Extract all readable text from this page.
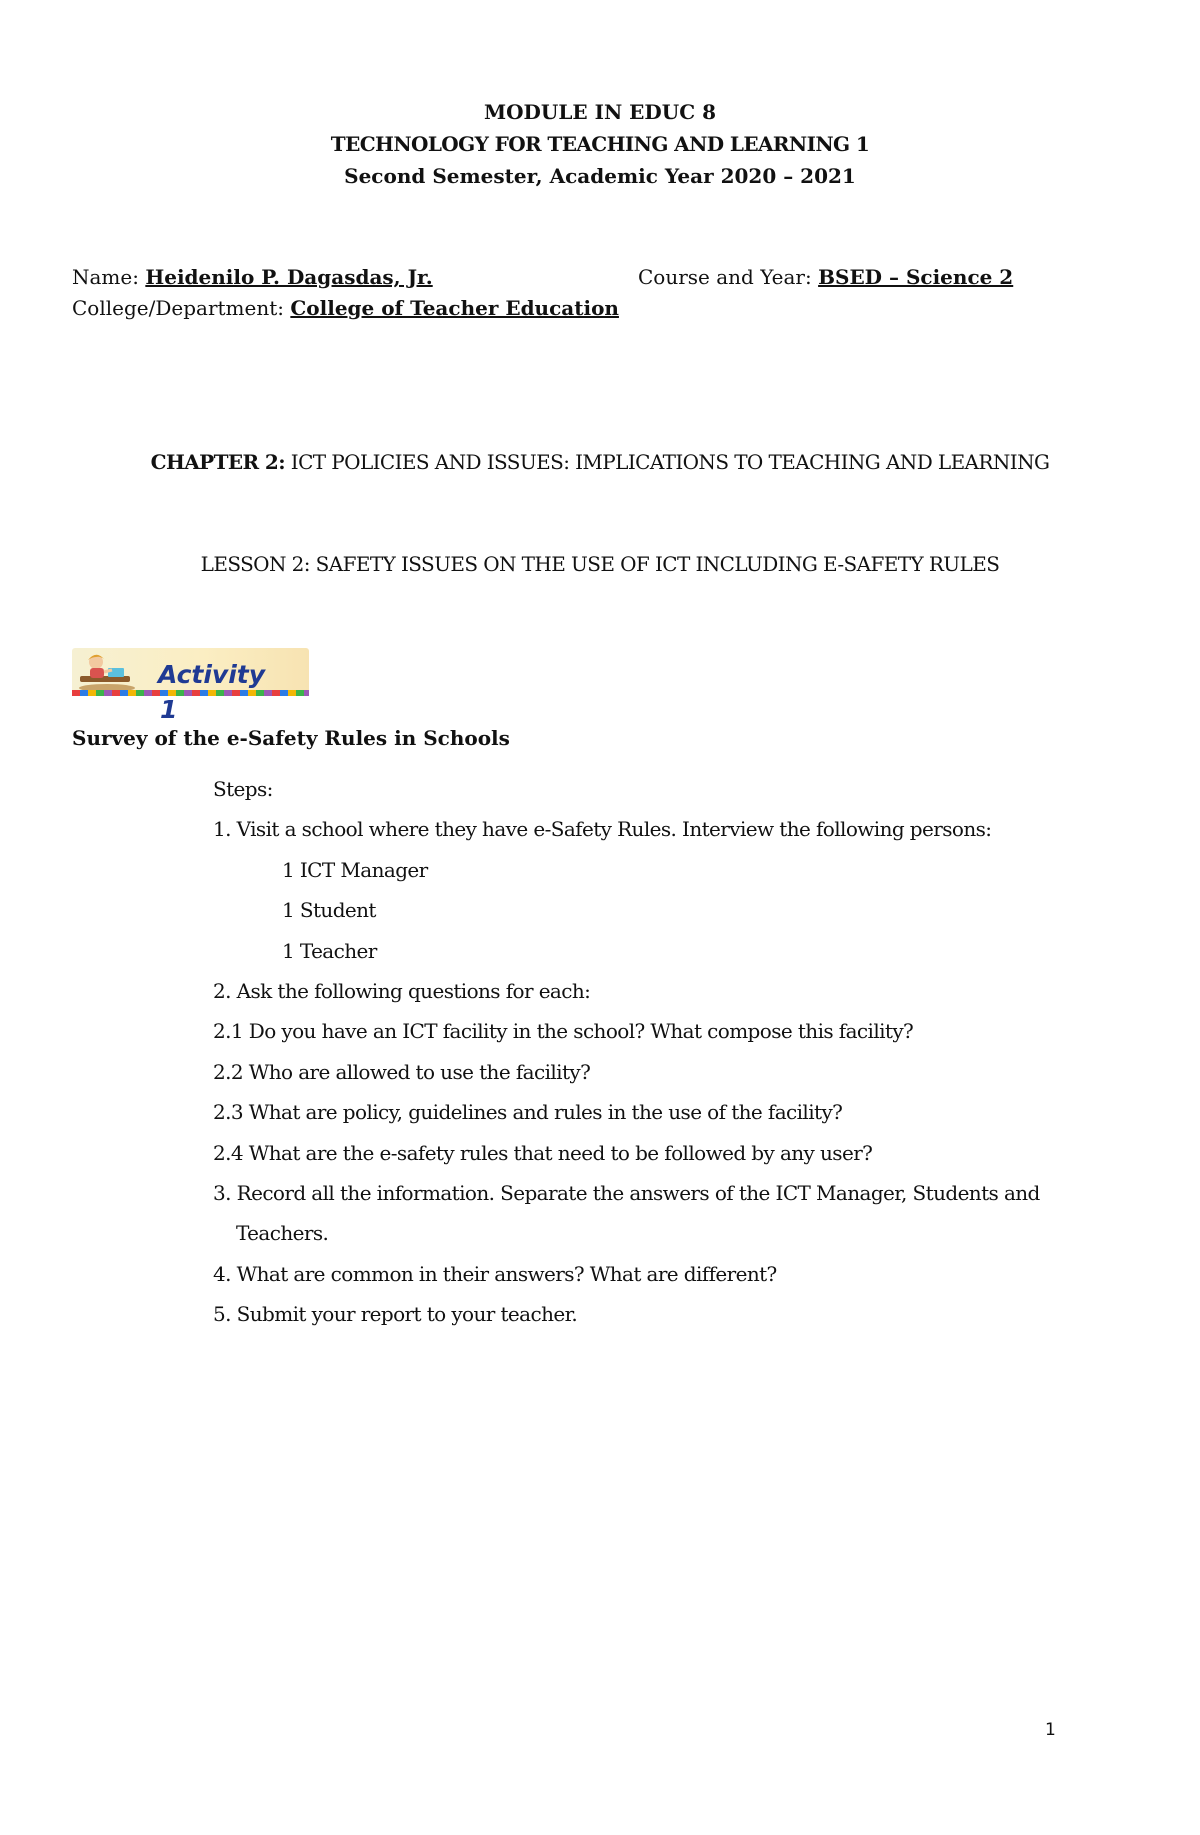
MODULE IN EDUC 8
TECHNOLOGY FOR TEACHING AND LEARNING 1
Second Semester, Academic Year 2020 – 2021
Name: Heidenilo P. Dagasdas, Jr.	Course and Year: BSED – Science 2
College/Department: College of Teacher Education
CHAPTER 2: ICT POLICIES AND ISSUES: IMPLICATIONS TO TEACHING AND LEARNING
LESSON 2: SAFETY ISSUES ON THE USE OF ICT INCLUDING E-SAFETY RULES
Activity
1
Survey of the e-Safety Rules in Schools
Steps:
1. Visit a school where they have e-Safety Rules. Interview the following persons:
1 ICT Manager
1 Student
1 Teacher
2. Ask the following questions for each:
2.1 Do you have an ICT facility in the school? What compose this facility?
2.2 Who are allowed to use the facility?
2.3 What are policy, guidelines and rules in the use of the facility?
2.4 What are the e-safety rules that need to be followed by any user?
3. Record all the information. Separate the answers of the ICT Manager, Students and
Teachers.
4. What are common in their answers? What are different?
5. Submit your report to your teacher.
1
